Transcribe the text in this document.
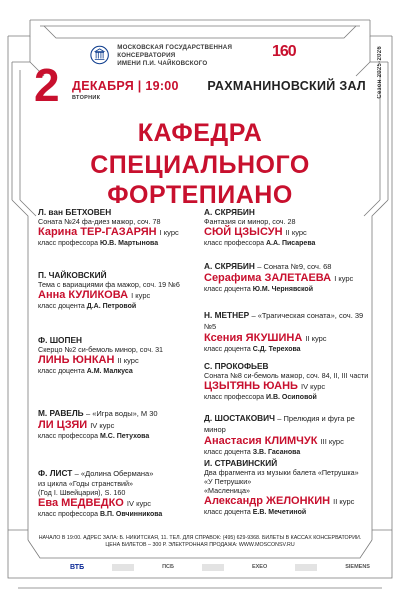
МОСКОВСКАЯ ГОСУДАРСТВЕННАЯ КОНСЕРВАТОРИЯ
ИМЕНИ П.И. ЧАЙКОВСКОГО
160	Сезон 2025-2026
2 ДЕКАБРЯ | 19:00
ВТОРНИК
РАХМАНИНОВСКИЙ ЗАЛ
КАФЕДРА
СПЕЦИАЛЬНОГО ФОРТЕПИАНО
Л. ван БЕТХОВЕН
Соната №24 фа-диез мажор, соч. 78
Карина ТЕР-ГАЗАРЯН I курс
класс профессора Ю.В. Мартынова
П. ЧАЙКОВСКИЙ
Тема с вариациями фа мажор, соч. 19 №6
Анна КУЛИКОВА I курс
класс доцента Д.А. Петровой
Ф. ШОПЕН
Скерцо №2 си-бемоль минор, соч. 31
ЛИНЬ ЮНКАН II курс
класс доцента А.М. Малкуса
М. РАВЕЛЬ – «Игра воды», М 30
ЛИ ЦЗЯИ IV курс
класс профессора М.С. Петухова
Ф. ЛИСТ – «Долина Обермана»
из цикла «Годы странствий»
(Год I. Швейцария), S. 160
Ева МЕДВЕДКО IV курс
класс профессора В.П. Овчинникова
А. СКРЯБИН
Фантазия си минор, соч. 28
СЮЙ ЦЗЫСУН II курс
класс профессора А.А. Писарева
А. СКРЯБИН – Соната №9, соч. 68
Серафима ЗАЛЕТАЕВА I курс
класс доцента Ю.М. Чернявской
Н. МЕТНЕР – «Трагическая соната», соч. 39 №5
Ксения ЯКУШИНА II курс
класс доцента С.Д. Терехова
С. ПРОКОФЬЕВ
Соната №8 си-бемоль мажор, соч. 84, II, III части
ЦЗЫТЯНЬ ЮАНЬ IV курс
класс профессора И.В. Осиповой
Д. ШОСТАКОВИЧ – Прелюдия и фуга ре минор
Анастасия КЛИМЧУК III курс
класс доцента З.В. Гасанова
И. СТРАВИНСКИЙ
Два фрагмента из музыки балета «Петрушка»
«У Петрушки»
«Масленица»
Александр ЖЕЛОНКИН II курс
класс доцента Е.В. Мечетиной
НАЧАЛО В 19:00. АДРЕС ЗАЛА: Б. НИКИТСКАЯ, 11. ТЕЛ. ДЛЯ СПРАВОК: (495) 629-9368. БИЛЕТЫ В КАССАХ КОНСЕРВАТОРИИ.
ЦЕНА БИЛЕТОВ – 300 Р. ЭЛЕКТРОННАЯ ПРОДАЖА: WWW.MOSCONSV.RU
ВТБ	ПСБ	EXEO	SIEMENS
